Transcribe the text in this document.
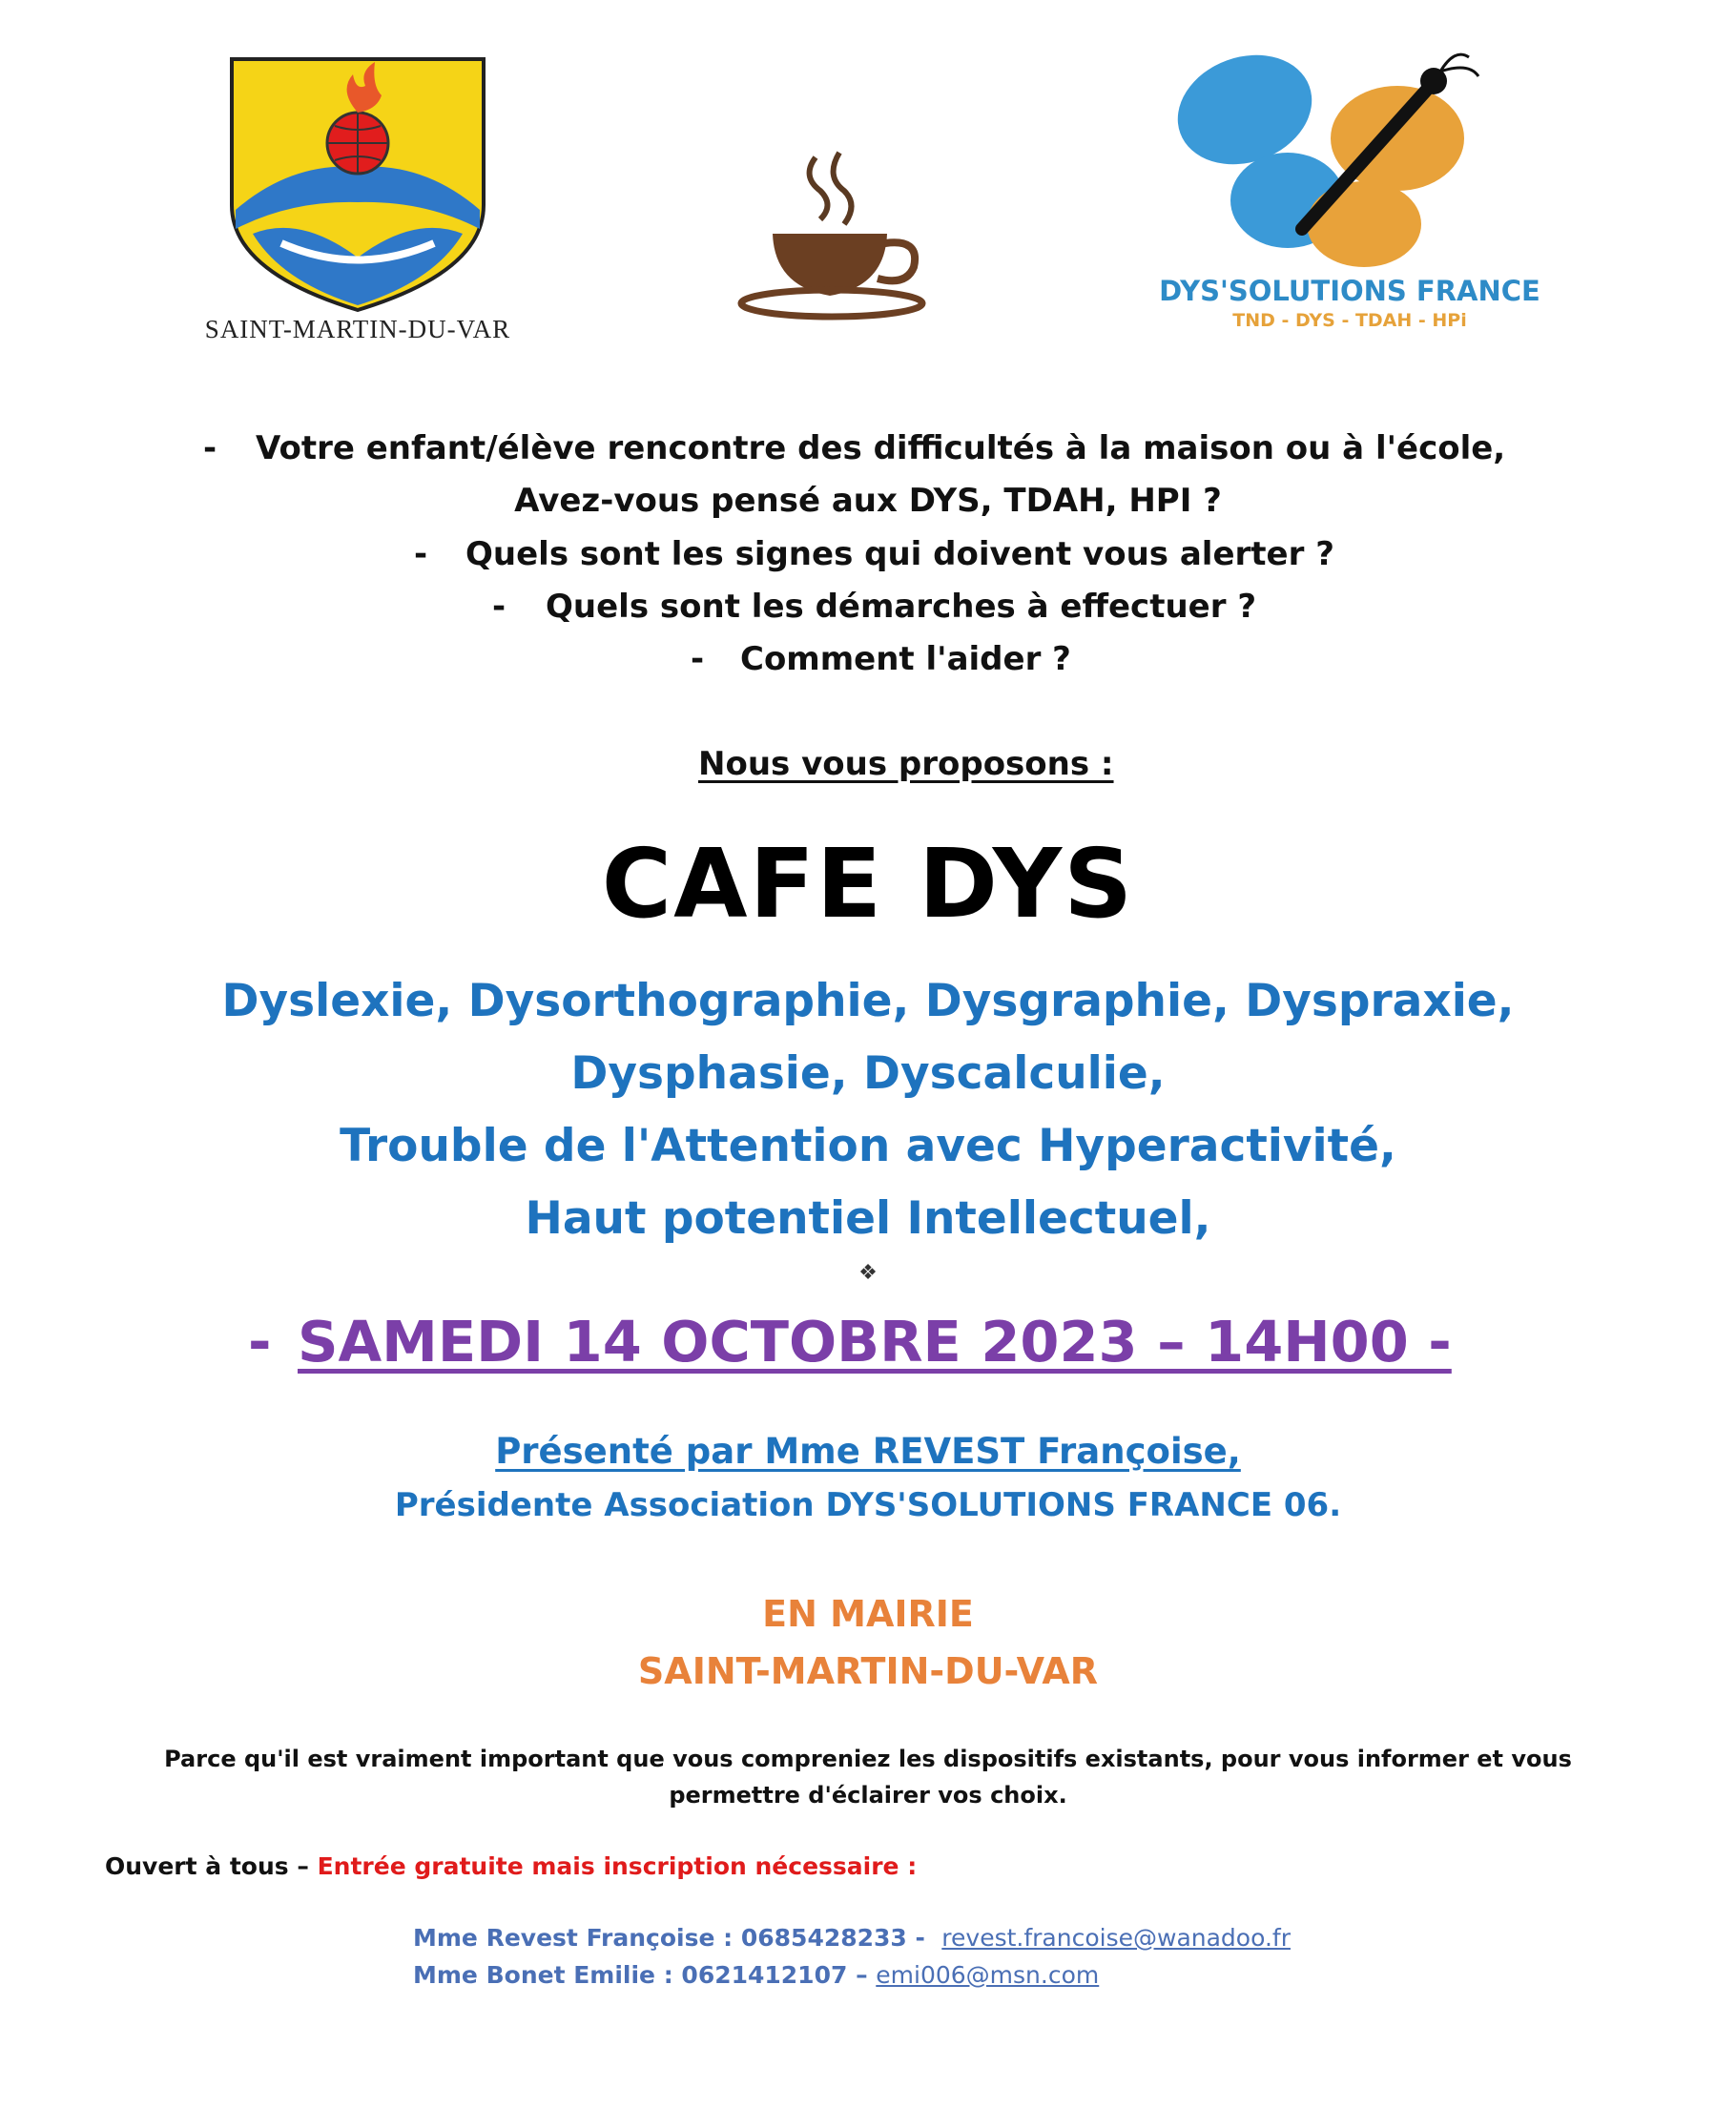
SAINT-MARTIN-DU-VAR
DYS'SOLUTIONS FRANCE
TND - DYS - TDAH - HPi
- Votre enfant/élève rencontre des difficultés à la maison ou à l'école,
Avez-vous pensé aux DYS, TDAH, HPI ?
- Quels sont les signes qui doivent vous alerter ?
- Quels sont les démarches à effectuer ?
- Comment l'aider ?
Nous vous proposons :
CAFE DYS
Dyslexie, Dysorthographie, Dysgraphie, Dyspraxie,
Dysphasie, Dyscalculie,
Trouble de l'Attention avec Hyperactivité,
Haut potentiel Intellectuel,
❖
- SAMEDI 14 OCTOBRE 2023 – 14H00 -
Présenté par Mme REVEST Françoise,
Présidente Association DYS'SOLUTIONS FRANCE 06.
EN MAIRIE
SAINT-MARTIN-DU-VAR
Parce qu'il est vraiment important que vous compreniez les dispositifs existants, pour vous informer et vous
permettre d'éclairer vos choix.
Ouvert à tous – Entrée gratuite mais inscription nécessaire :
Mme Revest Françoise : 0685428233 -  revest.francoise@wanadoo.fr
Mme Bonet Emilie : 0621412107 – emi006@msn.com
